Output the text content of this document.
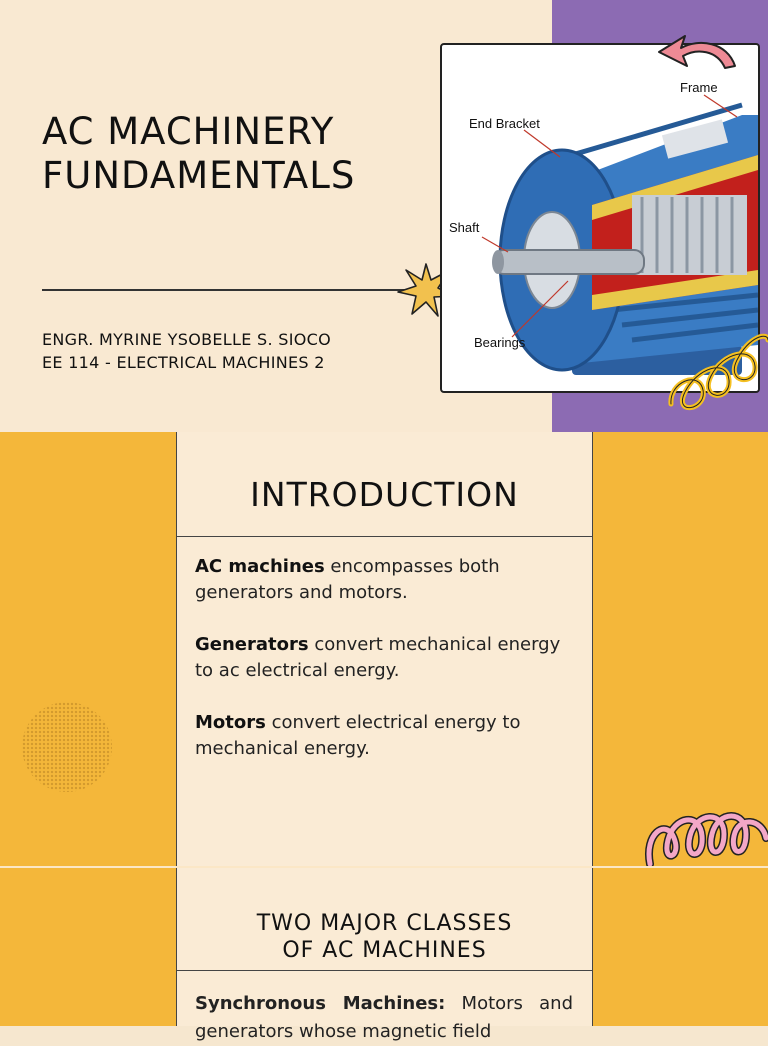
AC MACHINERY
FUNDAMENTALS
ENGR. MYRINE YSOBELLE S. SIOCO
EE 114 - ELECTRICAL MACHINES 2
Frame
End Bracket
Shaft
Bearings
INTRODUCTION

AC machines encompasses both generators and motors.

Generators convert mechanical energy to ac electrical energy.

Motors convert electrical energy to mechanical energy.

TWO MAJOR CLASSES
OF AC MACHINES
Synchronous Machines: Motors and generators whose magnetic field
